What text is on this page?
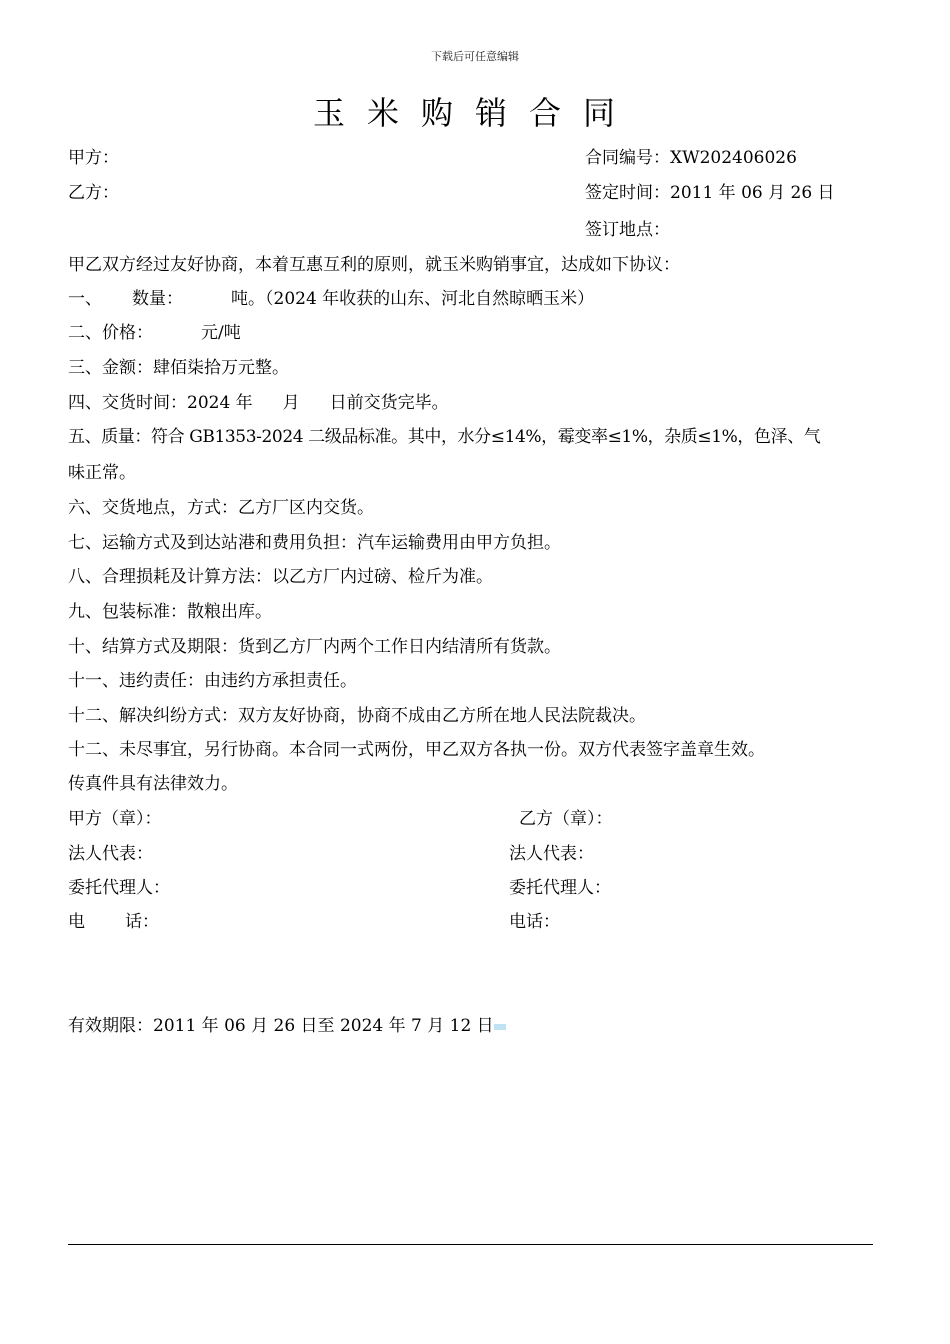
下载后可任意编辑
玉米购销合同
甲方：
乙方：
合同编号：XW202406026
签定时间：2011 年 06 月 26 日
签订地点：
甲乙双方经过友好协商，本着互惠互利的原则，就玉米购销事宜，达成如下协议：
一、 数量：	吨。（2024 年收获的山东、河北自然晾晒玉米）
二、价格：	元/吨
三、金额：肆佰柒拾万元整。
四、交货时间：2024 年 月 日前交货完毕。
五、质量：符合 GB1353-2024 二级品标准。其中，水分≤14%，霉变率≤1%，杂质≤1%，色泽、气
味正常。
六、交货地点，方式：乙方厂区内交货。
七、运输方式及到达站港和费用负担：汽车运输费用由甲方负担。
八、合理损耗及计算方法：以乙方厂内过磅、检斤为准。
九、包装标准：散粮出库。
十、结算方式及期限：货到乙方厂内两个工作日内结清所有货款。
十一、违约责任：由违约方承担责任。
十二、解决纠纷方式：双方友好协商，协商不成由乙方所在地人民法院裁决。
十二、未尽事宜，另行协商。本合同一式两份，甲乙双方各执一份。双方代表签字盖章生效。
传真件具有法律效力。
甲方（章）：	乙方（章）：
法人代表：	法人代表：
委托代理人：	委托代理人：
电 话：	电话：
有效期限：2011 年 06 月 26 日至 2024 年 7 月 12 日
